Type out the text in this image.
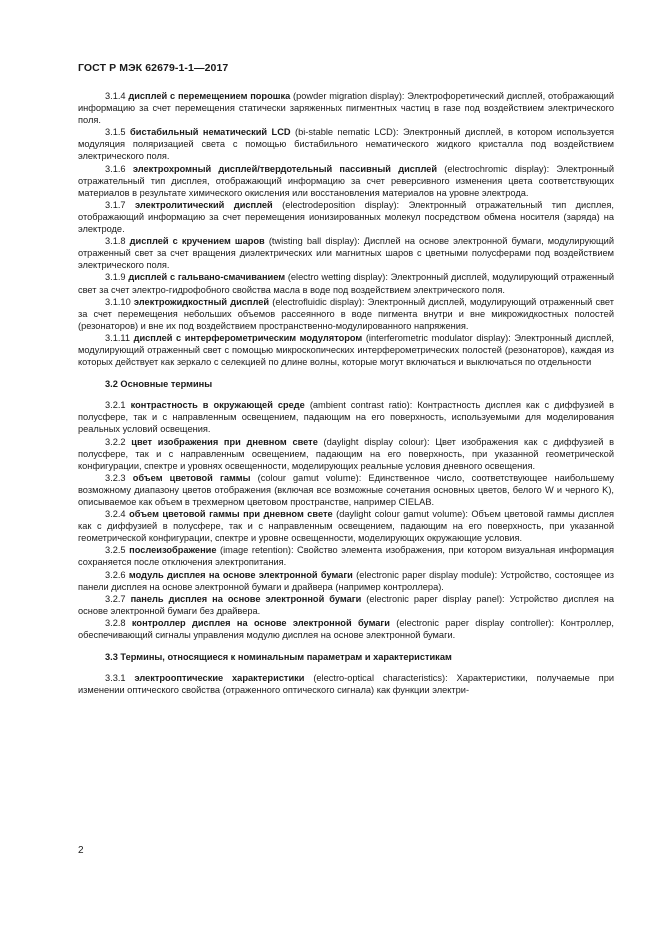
ГОСТ Р МЭК 62679-1-1—2017

3.1.4 дисплей с перемещением порошка (powder migration display): Электрофоретический дисплей, отображающий информацию за счет перемещения статически заряженных пигментных частиц в газе под воздействием электрического поля.

3.1.5 бистабильный нематический LCD (bi-stable nematic LCD): Электронный дисплей, в котором используется модуляция поляризацией света с помощью бистабильного нематического жидкого кристалла под воздействием электрического поля.

3.1.6 электрохромный дисплей/твердотельный пассивный дисплей (electrochromic display): Электронный отражательный тип дисплея, отображающий информацию за счет реверсивного изменения цвета соответствующих материалов в результате химического окисления или восстановления материалов на уровне электрода.

3.1.7 электролитический дисплей (electrodeposition display): Электронный отражательный тип дисплея, отображающий информацию за счет перемещения ионизированных молекул посредством обмена носителя (заряда) на электроде.

3.1.8 дисплей с кручением шаров (twisting ball display): Дисплей на основе электронной бумаги, модулирующий отраженный свет за счет вращения диэлектрических или магнитных шаров с цветными полусферами под воздействием электрического поля.

3.1.9 дисплей с гальвано-смачиванием (electro wetting display): Электронный дисплей, модулирующий отраженный свет за счет электро-гидрофобного свойства масла в воде под воздействием электрического поля.

3.1.10 электрожидкостный дисплей (electrofluidic display): Электронный дисплей, модулирующий отраженный свет за счет перемещения небольших объемов рассеянного в воде пигмента внутри и вне микрожидкостных полостей (резонаторов) и вне их под воздействием пространственно-модулированного напряжения.

3.1.11 дисплей с интерферометрическим модулятором (interferometric modulator display): Электронный дисплей, модулирующий отраженный свет с помощью микроскопических интерферометрических полостей (резонаторов), каждая из которых действует как зеркало с селекцией по длине волны, которые могут включаться и выключаться по отдельности

3.2 Основные термины

3.2.1 контрастность в окружающей среде (ambient contrast ratio): Контрастность дисплея как с диффузией в полусфере, так и с направленным освещением, падающим на его поверхность, используемыми для моделирования реальных условий освещения.

3.2.2 цвет изображения при дневном свете (daylight display colour): Цвет изображения как с диффузией в полусфере, так и с направленным освещением, падающим на его поверхность, при указанной геометрической конфигурации, спектре и уровнях освещенности, моделирующих реальные условия дневного освещения.

3.2.3 объем цветовой гаммы (colour gamut volume): Единственное число, соответствующее наибольшему возможному диапазону цветов отображения (включая все возможные сочетания основных цветов, белого W и черного K), описываемое как объем в трехмерном цветовом пространстве, например CIELAB.

3.2.4 объем цветовой гаммы при дневном свете (daylight colour gamut volume): Объем цветовой гаммы дисплея как с диффузией в полусфере, так и с направленным освещением, падающим на его поверхность, при указанной геометрической конфигурации, спектре и уровне освещенности, моделирующих окружающие условия.

3.2.5 послеизображение (image retention): Свойство элемента изображения, при котором визуальная информация сохраняется после отключения электропитания.

3.2.6 модуль дисплея на основе электронной бумаги (electronic paper display module): Устройство, состоящее из панели дисплея на основе электронной бумаги и драйвера (например контроллера).

3.2.7 панель дисплея на основе электронной бумаги (electronic paper display panel): Устройство дисплея на основе электронной бумаги без драйвера.

3.2.8 контроллер дисплея на основе электронной бумаги (electronic paper display controller): Контроллер, обеспечивающий сигналы управления модулю дисплея на основе электронной бумаги.

3.3 Термины, относящиеся к номинальным параметрам и характеристикам

3.3.1 электрооптические характеристики (electro-optical characteristics): Характеристики, получаемые при изменении оптического свойства (отраженного оптического сигнала) как функции электри-

2
